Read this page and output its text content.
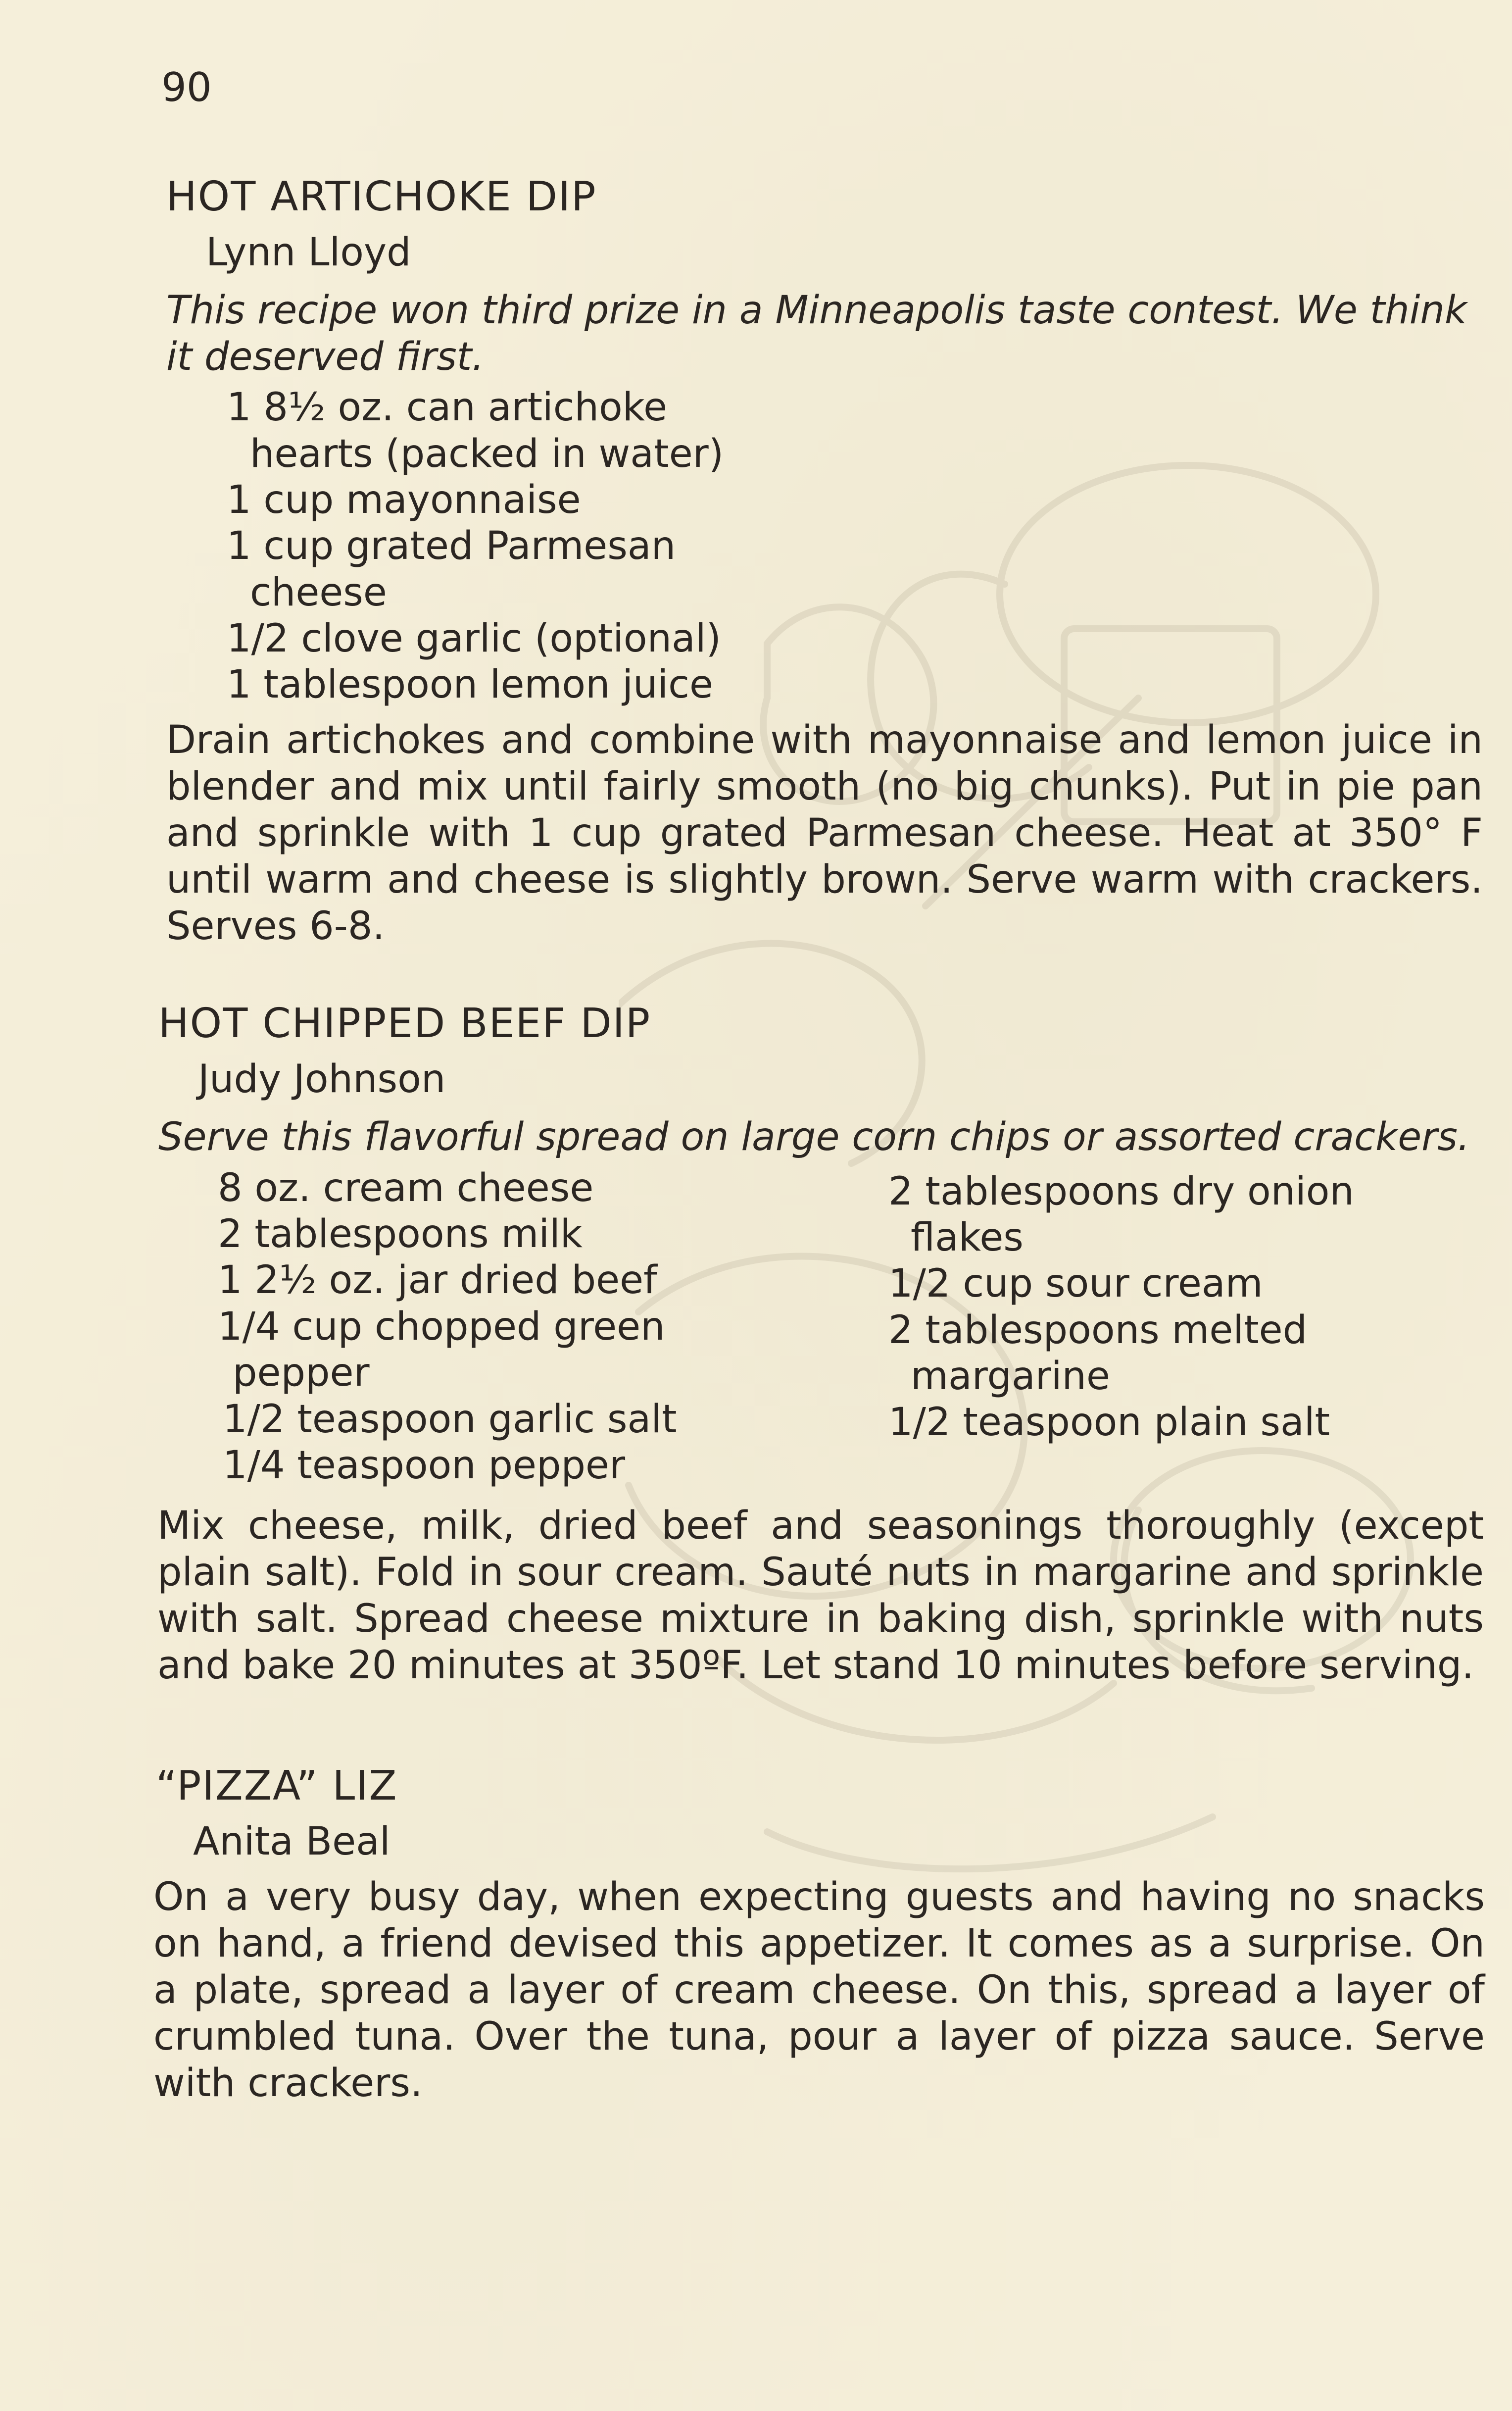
90
HOT ARTICHOKE DIP
Lynn Lloyd
This recipe won third prize in a Minneapolis taste contest. We think it deserved first.
1 8½ oz. can artichoke
hearts (packed in water)
1 cup mayonnaise
1 cup grated Parmesan
cheese
1/2 clove garlic (optional)
1 tablespoon lemon juice
Drain artichokes and combine with mayonnaise and lemon juice in blender and mix until fairly smooth (no big chunks). Put in pie pan and sprinkle with 1 cup grated Parmesan cheese. Heat at 350° F until warm and cheese is slightly brown. Serve warm with crackers. Serves 6-8.
HOT CHIPPED BEEF DIP
Judy Johnson
Serve this flavorful spread on large corn chips or assorted crackers.
8 oz. cream cheese
2 tablespoons milk
1 2½ oz. jar dried beef
1/4 cup chopped green
pepper
1/2 teaspoon garlic salt
1/4 teaspoon pepper
2 tablespoons dry onion
flakes
1/2 cup sour cream
2 tablespoons melted
margarine
1/2 teaspoon plain salt
Mix cheese, milk, dried beef and seasonings thoroughly (except plain salt). Fold in sour cream. Sauté nuts in margarine and sprinkle with salt. Spread cheese mixture in baking dish, sprinkle with nuts and bake 20 minutes at 350ºF. Let stand 10 minutes before serving.
“PIZZA” LIZ
Anita Beal
On a very busy day, when expecting guests and having no snacks on hand, a friend devised this appetizer. It comes as a surprise. On a plate, spread a layer of cream cheese. On this, spread a layer of crumbled tuna. Over the tuna, pour a layer of pizza sauce. Serve with crackers.
